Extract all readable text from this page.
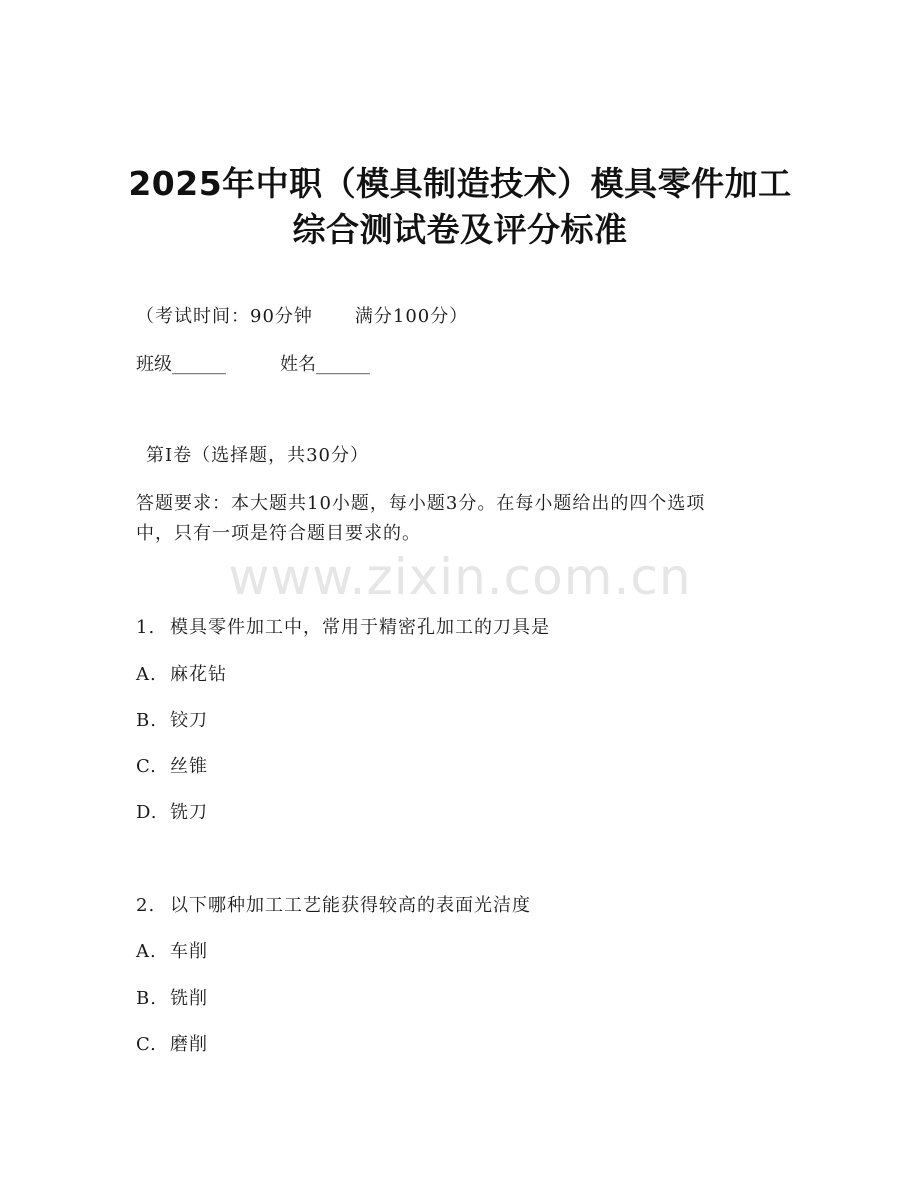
www.zixin.com.cn
2025年中职（模具制造技术）模具零件加工
综合测试卷及评分标准
（考试时间：90分钟 满分100分）
班级______	姓名______
第I卷（选择题，共30分）
答题要求：本大题共10小题，每小题3分。在每小题给出的四个选项
中，只有一项是符合题目要求的。
1. 模具零件加工中，常用于精密孔加工的刀具是
A. 麻花钻
B. 铰刀
C. 丝锥
D. 铣刀
2. 以下哪种加工工艺能获得较高的表面光洁度
A. 车削
B. 铣削
C. 磨削
